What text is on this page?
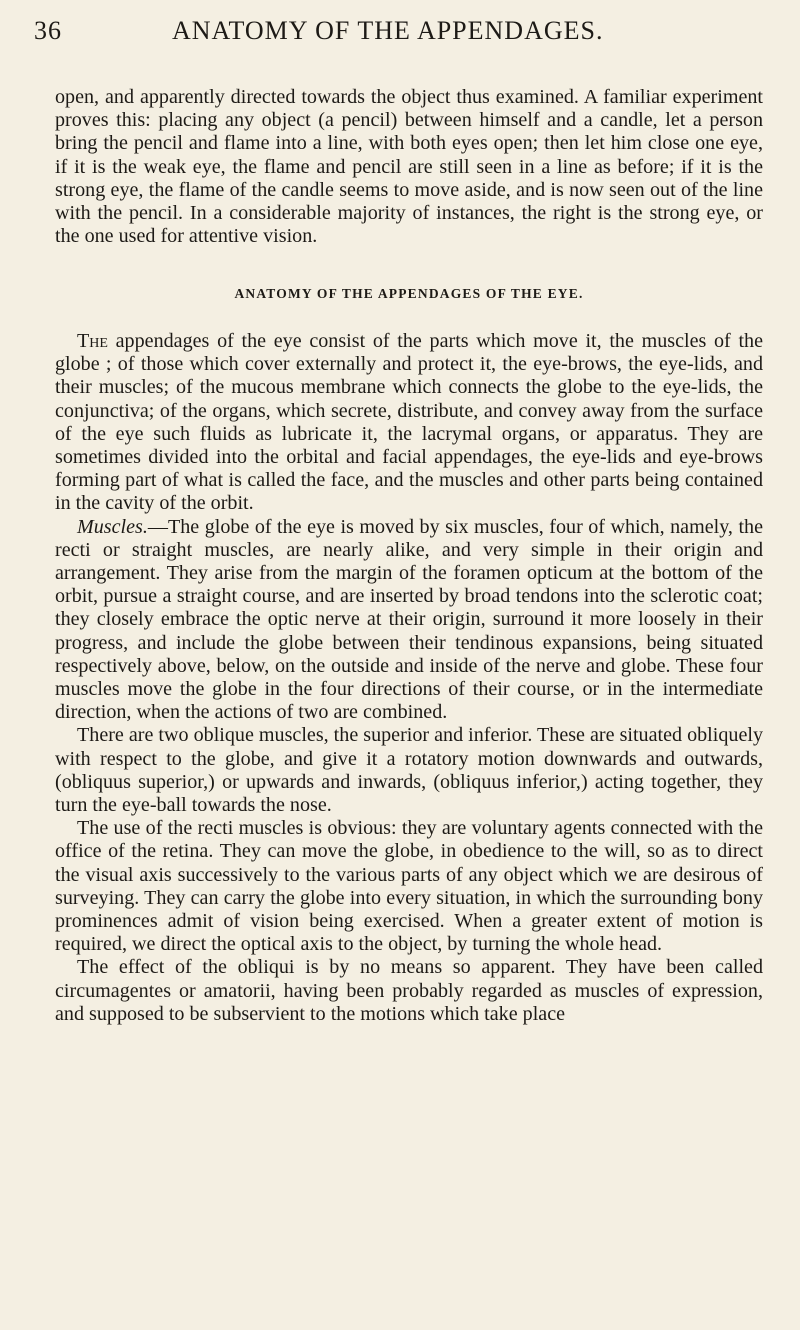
36	ANATOMY OF THE APPENDAGES.

open, and apparently directed towards the object thus examined. A familiar experiment proves this: placing any object (a pencil) between himself and a candle, let a person bring the pencil and flame into a line, with both eyes open; then let him close one eye, if it is the weak eye, the flame and pencil are still seen in a line as before; if it is the strong eye, the flame of the candle seems to move aside, and is now seen out of the line with the pencil. In a considerable majority of instances, the right is the strong eye, or the one used for attentive vision.

ANATOMY OF THE APPENDAGES OF THE EYE.

The appendages of the eye consist of the parts which move it, the muscles of the globe ; of those which cover externally and protect it, the eye-brows, the eye-lids, and their muscles; of the mucous membrane which connects the globe to the eye-lids, the conjunctiva; of the organs, which secrete, distribute, and convey away from the surface of the eye such fluids as lubricate it, the lacrymal organs, or apparatus. They are sometimes divided into the orbital and facial appendages, the eye-lids and eye-brows forming part of what is called the face, and the muscles and other parts being contained in the cavity of the orbit.

Muscles.—The globe of the eye is moved by six muscles, four of which, namely, the recti or straight muscles, are nearly alike, and very simple in their origin and arrangement. They arise from the margin of the foramen opticum at the bottom of the orbit, pursue a straight course, and are inserted by broad tendons into the sclerotic coat; they closely embrace the optic nerve at their origin, surround it more loosely in their progress, and include the globe between their tendinous expansions, being situated respectively above, below, on the outside and inside of the nerve and globe. These four muscles move the globe in the four directions of their course, or in the intermediate direction, when the actions of two are combined.

There are two oblique muscles, the superior and inferior. These are situated obliquely with respect to the globe, and give it a rotatory motion downwards and outwards, (obliquus superior,) or upwards and inwards, (obliquus inferior,) acting together, they turn the eye-ball towards the nose.

The use of the recti muscles is obvious: they are voluntary agents connected with the office of the retina. They can move the globe, in obedience to the will, so as to direct the visual axis successively to the various parts of any object which we are desirous of surveying. They can carry the globe into every situation, in which the surrounding bony prominences admit of vision being exercised. When a greater extent of motion is required, we direct the optical axis to the object, by turning the whole head.

The effect of the obliqui is by no means so apparent. They have been called circumagentes or amatorii, having been probably regarded as muscles of expression, and supposed to be subservient to the motions which take place
